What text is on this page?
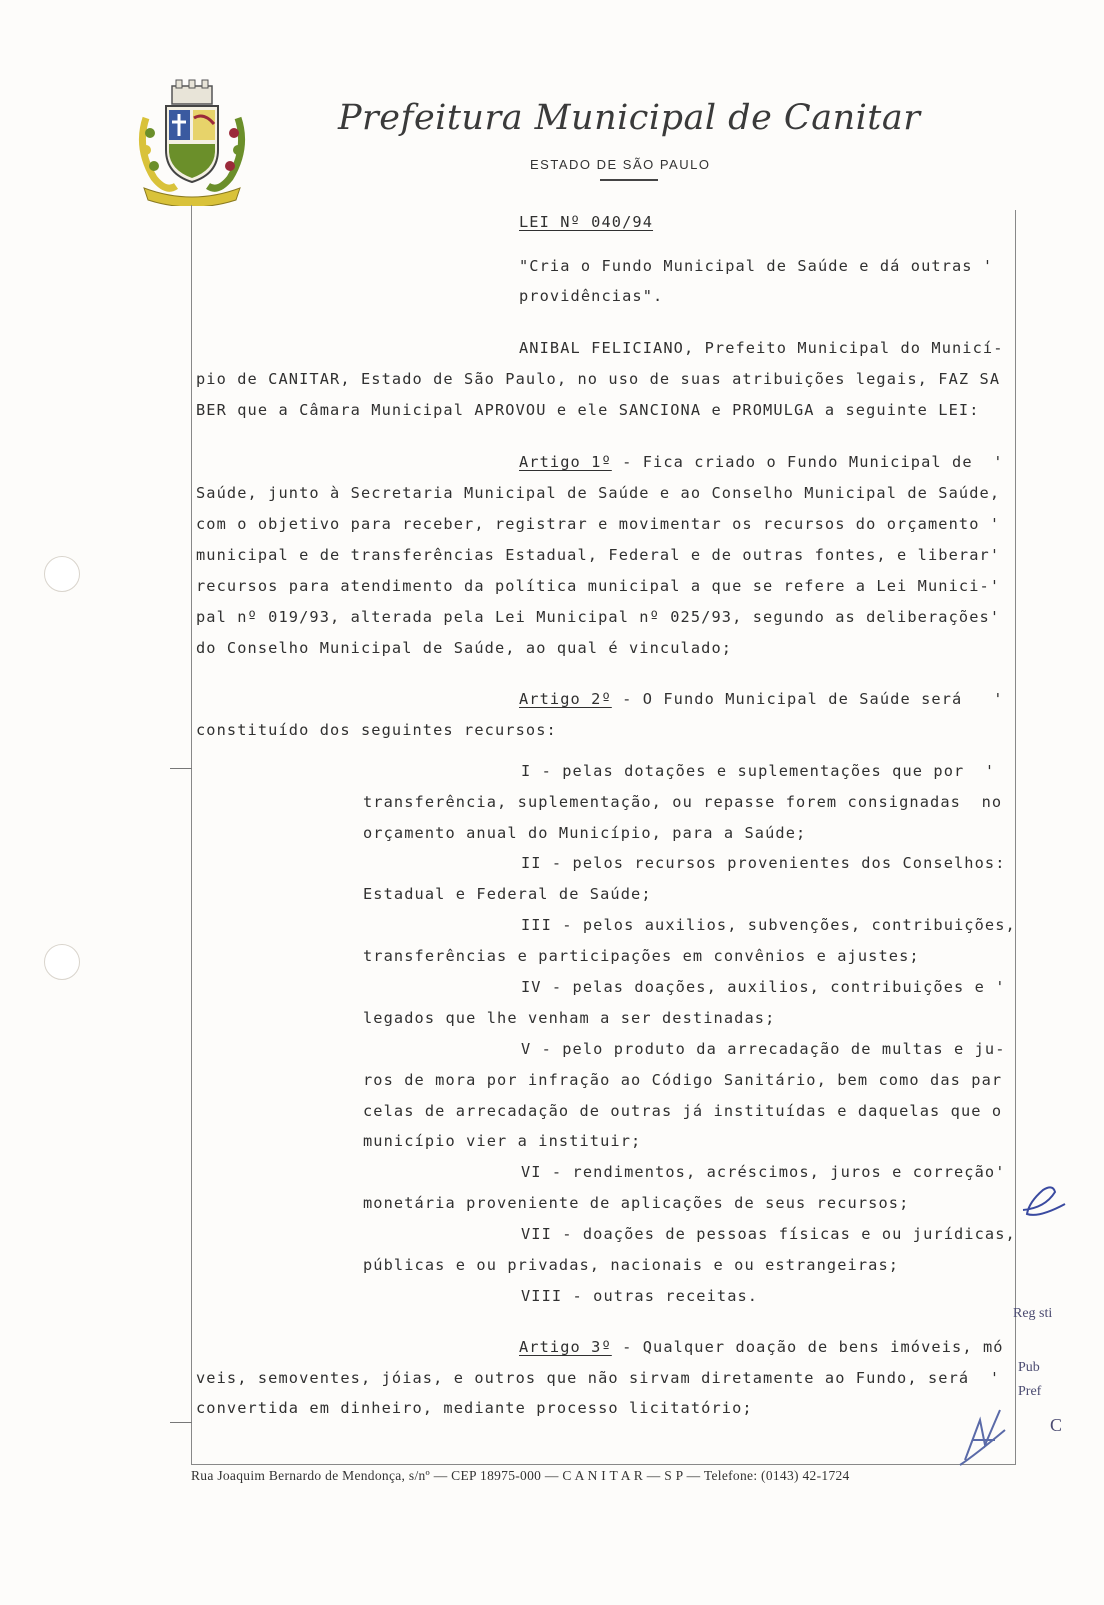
Prefeitura Municipal de Canitar
ESTADO DE SÃO PAULO
LEI Nº 040/94
"Cria o Fundo Municipal de Saúde e dá outras '
providências".
ANIBAL FELICIANO, Prefeito Municipal do Municí-
pio de CANITAR, Estado de São Paulo, no uso de suas atribuições legais, FAZ SA
BER que a Câmara Municipal APROVOU e ele SANCIONA e PROMULGA a seguinte LEI:
Artigo 1º - Fica criado o Fundo Municipal de  '
Saúde, junto à Secretaria Municipal de Saúde e ao Conselho Municipal de Saúde,
com o objetivo para receber, registrar e movimentar os recursos do orçamento '
municipal e de transferências Estadual, Federal e de outras fontes, e liberar'
recursos para atendimento da política municipal a que se refere a Lei Munici-'
pal nº 019/93, alterada pela Lei Municipal nº 025/93, segundo as deliberações'
do Conselho Municipal de Saúde, ao qual é vinculado;
Artigo 2º - O Fundo Municipal de Saúde será   '
constituído dos seguintes recursos:
I - pelas dotações e suplementações que por  '
transferência, suplementação, ou repasse forem consignadas  no
orçamento anual do Município, para a Saúde;
II - pelos recursos provenientes dos Conselhos:
Estadual e Federal de Saúde;
III - pelos auxilios, subvenções, contribuições,
transferências e participações em convênios e ajustes;
IV - pelas doações, auxilios, contribuições e '
legados que lhe venham a ser destinadas;
V - pelo produto da arrecadação de multas e ju-
ros de mora por infração ao Código Sanitário, bem como das par
celas de arrecadação de outras já instituídas e daquelas que o
município vier a instituir;
VI - rendimentos, acréscimos, juros e correção'
monetária proveniente de aplicações de seus recursos;
VII - doações de pessoas físicas e ou jurídicas,
públicas e ou privadas, nacionais e ou estrangeiras;
VIII - outras receitas.
Artigo 3º - Qualquer doação de bens imóveis, mó
veis, semoventes, jóias, e outros que não sirvam diretamente ao Fundo, será  '
convertida em dinheiro, mediante processo licitatório;
Reg sti
Pub
Pref
C
Rua Joaquim Bernardo de Mendonça, s/nº — CEP 18975-000 — C A N I T A R — S P — Telefone: (0143) 42-1724
